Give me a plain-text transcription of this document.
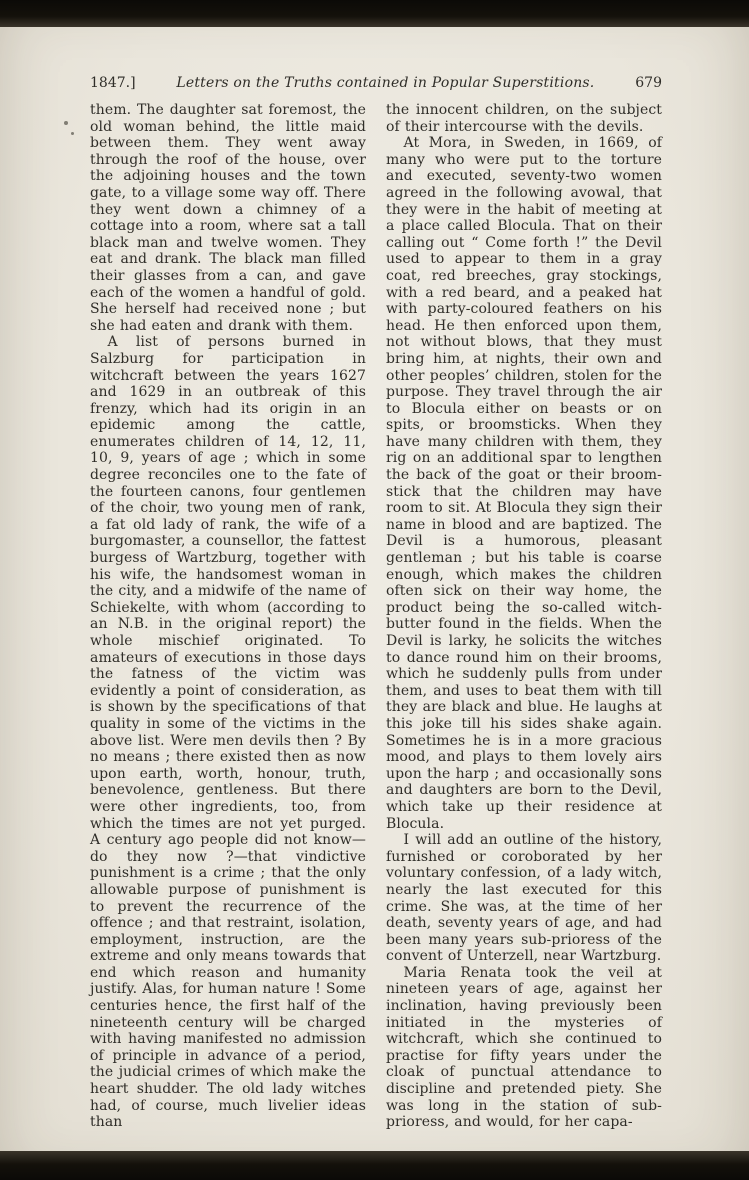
1847.]	Letters on the Truths contained in Popular Superstitions.	679

them. The daughter sat foremost, the old woman behind, the little maid between them. They went away through the roof of the house, over the adjoining houses and the town gate, to a village some way off. There they went down a chimney of a cottage into a room, where sat a tall black man and twelve women. They eat and drank. The black man filled their glasses from a can, and gave each of the women a handful of gold. She herself had received none ; but she had eaten and drank with them.

A list of persons burned in Salzburg for participation in witchcraft between the years 1627 and 1629 in an outbreak of this frenzy, which had its origin in an epidemic among the cattle, enumerates children of 14, 12, 11, 10, 9, years of age ; which in some degree reconciles one to the fate of the fourteen canons, four gentlemen of the choir, two young men of rank, a fat old lady of rank, the wife of a burgomaster, a counsellor, the fattest burgess of Wartzburg, together with his wife, the handsomest woman in the city, and a midwife of the name of Schiekelte, with whom (according to an N.B. in the original report) the whole mischief originated. To amateurs of executions in those days the fatness of the victim was evidently a point of consideration, as is shown by the specifications of that quality in some of the victims in the above list. Were men devils then ? By no means ; there existed then as now upon earth, worth, honour, truth, benevolence, gentleness. But there were other ingredients, too, from which the times are not yet purged. A century ago people did not know— do they now ?—that vindictive punishment is a crime ; that the only allowable purpose of punishment is to prevent the recurrence of the offence ; and that restraint, isolation, employment, instruction, are the extreme and only means towards that end which reason and humanity justify. Alas, for human nature ! Some centuries hence, the first half of the nineteenth century will be charged with having manifested no admission of principle in advance of a period, the judicial crimes of which make the heart shudder. The old lady witches had, of course, much livelier ideas than

the innocent children, on the subject of their intercourse with the devils.

At Mora, in Sweden, in 1669, of many who were put to the torture and executed, seventy-two women agreed in the following avowal, that they were in the habit of meeting at a place called Blocula. That on their calling out “ Come forth !” the Devil used to appear to them in a gray coat, red breeches, gray stockings, with a red beard, and a peaked hat with party-coloured feathers on his head. He then enforced upon them, not without blows, that they must bring him, at nights, their own and other peoples’ children, stolen for the purpose. They travel through the air to Blocula either on beasts or on spits, or broomsticks. When they have many children with them, they rig on an additional spar to lengthen the back of the goat or their broom-stick that the children may have room to sit. At Blocula they sign their name in blood and are baptized. The Devil is a humorous, pleasant gentleman ; but his table is coarse enough, which makes the children often sick on their way home, the product being the so-called witch-butter found in the fields. When the Devil is larky, he solicits the witches to dance round him on their brooms, which he suddenly pulls from under them, and uses to beat them with till they are black and blue. He laughs at this joke till his sides shake again. Sometimes he is in a more gracious mood, and plays to them lovely airs upon the harp ; and occasionally sons and daughters are born to the Devil, which take up their residence at Blocula.

I will add an outline of the history, furnished or coroborated by her voluntary confession, of a lady witch, nearly the last executed for this crime. She was, at the time of her death, seventy years of age, and had been many years sub-prioress of the convent of Unterzell, near Wartzburg.

Maria Renata took the veil at nineteen years of age, against her inclination, having previously been initiated in the mysteries of witchcraft, which she continued to practise for fifty years under the cloak of punctual attendance to discipline and pretended piety. She was long in the station of sub-prioress, and would, for her capa-
